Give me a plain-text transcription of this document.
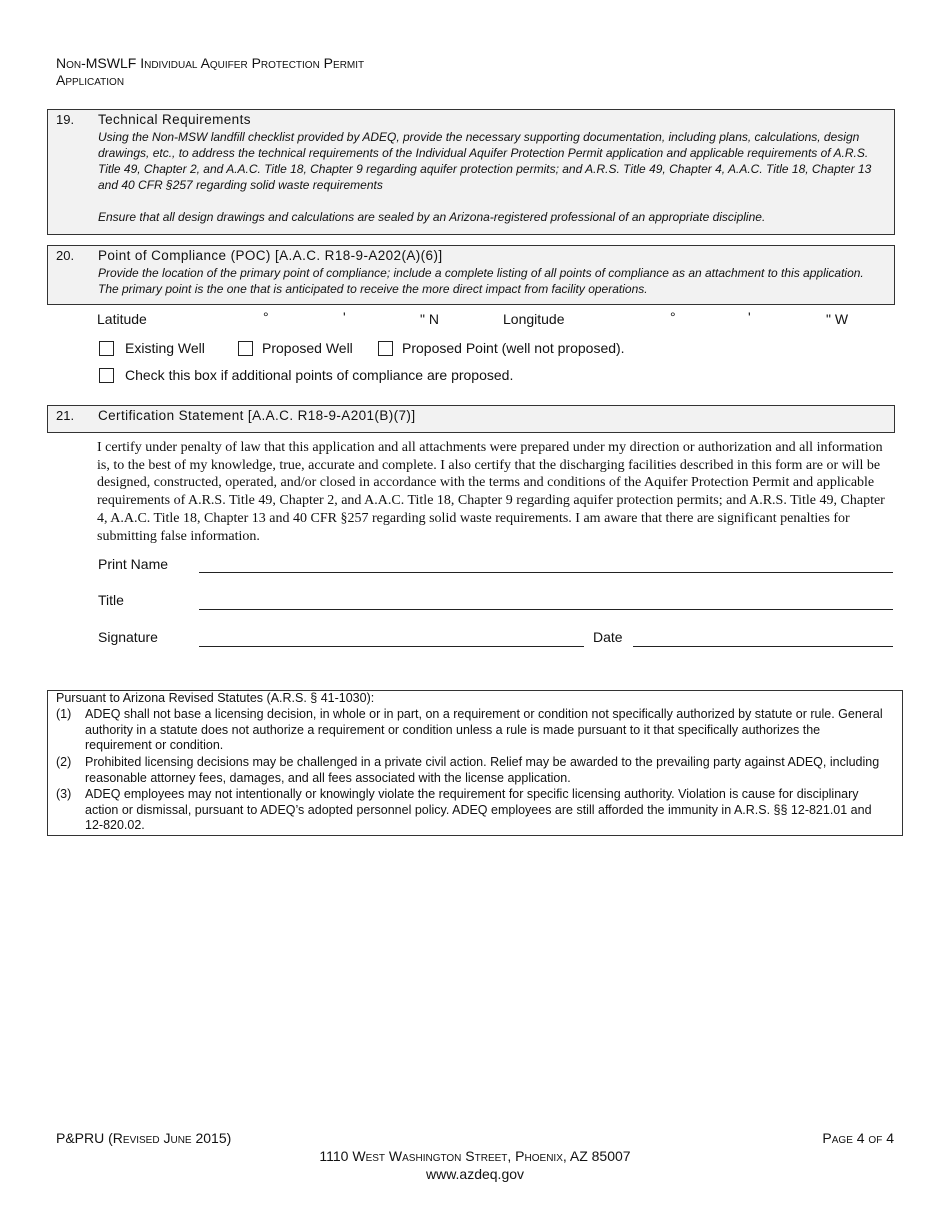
Non-MSWLF Individual Aquifer Protection Permit
Application
19. Technical Requirements
Using the Non-MSW landfill checklist provided by ADEQ, provide the necessary supporting documentation, including plans, calculations, design drawings, etc., to address the technical requirements of the Individual Aquifer Protection Permit application and applicable requirements of A.R.S. Title 49, Chapter 2, and A.A.C. Title 18, Chapter 9 regarding aquifer protection permits; and A.R.S. Title 49, Chapter 4, A.A.C. Title 18, Chapter 13 and 40 CFR §257 regarding solid waste requirements
Ensure that all design drawings and calculations are sealed by an Arizona-registered professional of an appropriate discipline.
20. Point of Compliance (POC) [A.A.C. R18-9-A202(A)(6)]
Provide the location of the primary point of compliance; include a complete listing of all points of compliance as an attachment to this application. The primary point is the one that is anticipated to receive the more direct impact from facility operations.
Latitude	°	'	" N	Longitude	°	'	" W
Existing Well	Proposed Well	Proposed Point (well not proposed).
Check this box if additional points of compliance are proposed.
21. Certification Statement [A.A.C. R18-9-A201(B)(7)]
I certify under penalty of law that this application and all attachments were prepared under my direction or authorization and all information is, to the best of my knowledge, true, accurate and complete. I also certify that the discharging facilities described in this form are or will be designed, constructed, operated, and/or closed in accordance with the terms and conditions of the Aquifer Protection Permit and applicable requirements of A.R.S. Title 49, Chapter 2, and A.A.C. Title 18, Chapter 9 regarding aquifer protection permits; and A.R.S. Title 49, Chapter 4, A.A.C. Title 18, Chapter 13 and 40 CFR §257 regarding solid waste requirements. I am aware that there are significant penalties for submitting false information.
Print Name
Title
Signature	Date
Pursuant to Arizona Revised Statutes (A.R.S. § 41-1030):
(1) ADEQ shall not base a licensing decision, in whole or in part, on a requirement or condition not specifically authorized by statute or rule. General authority in a statute does not authorize a requirement or condition unless a rule is made pursuant to it that specifically authorizes the requirement or condition.
(2) Prohibited licensing decisions may be challenged in a private civil action. Relief may be awarded to the prevailing party against ADEQ, including reasonable attorney fees, damages, and all fees associated with the license application.
(3) ADEQ employees may not intentionally or knowingly violate the requirement for specific licensing authority. Violation is cause for disciplinary action or dismissal, pursuant to ADEQ’s adopted personnel policy. ADEQ employees are still afforded the immunity in A.R.S. §§ 12-821.01 and 12-820.02.
P&PRU (Revised June 2015)	Page 4 of 4
1110 West Washington Street, Phoenix, AZ 85007
www.azdeq.gov
